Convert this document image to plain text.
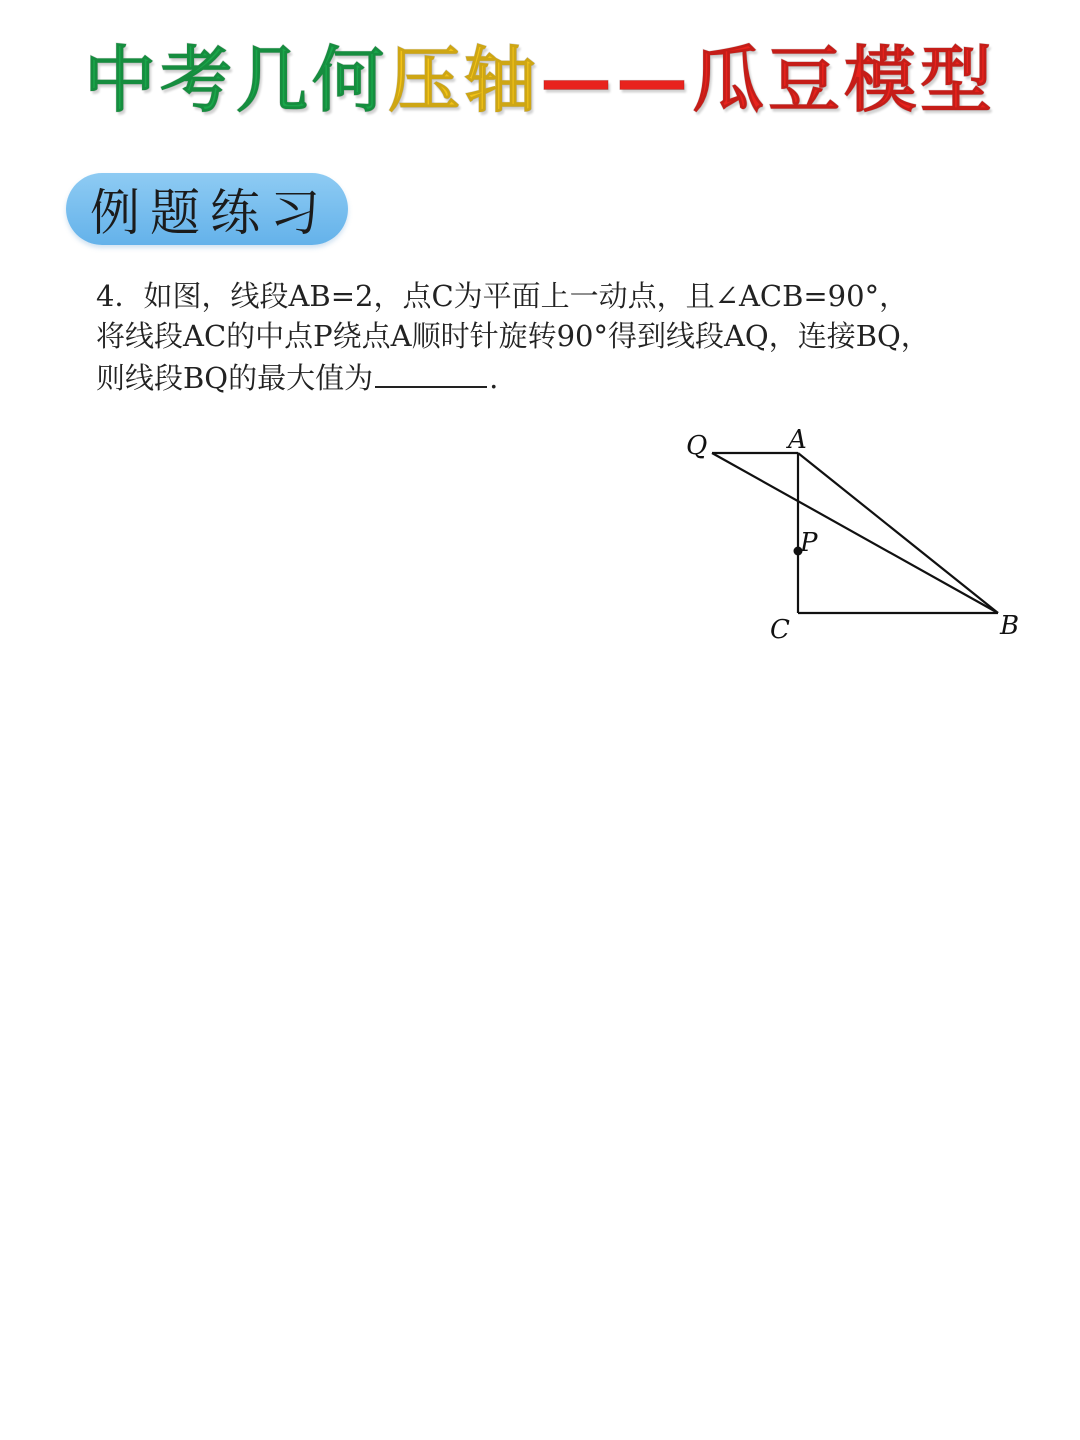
中考几何压轴——瓜豆模型
例题练习
4．如图，线段AB=2，点C为平面上一动点，且∠ACB=90°，
将线段AC的中点P绕点A顺时针旋转90°得到线段AQ，连接BQ，
则线段BQ的最大值为	.
Q	A
P
C	B
